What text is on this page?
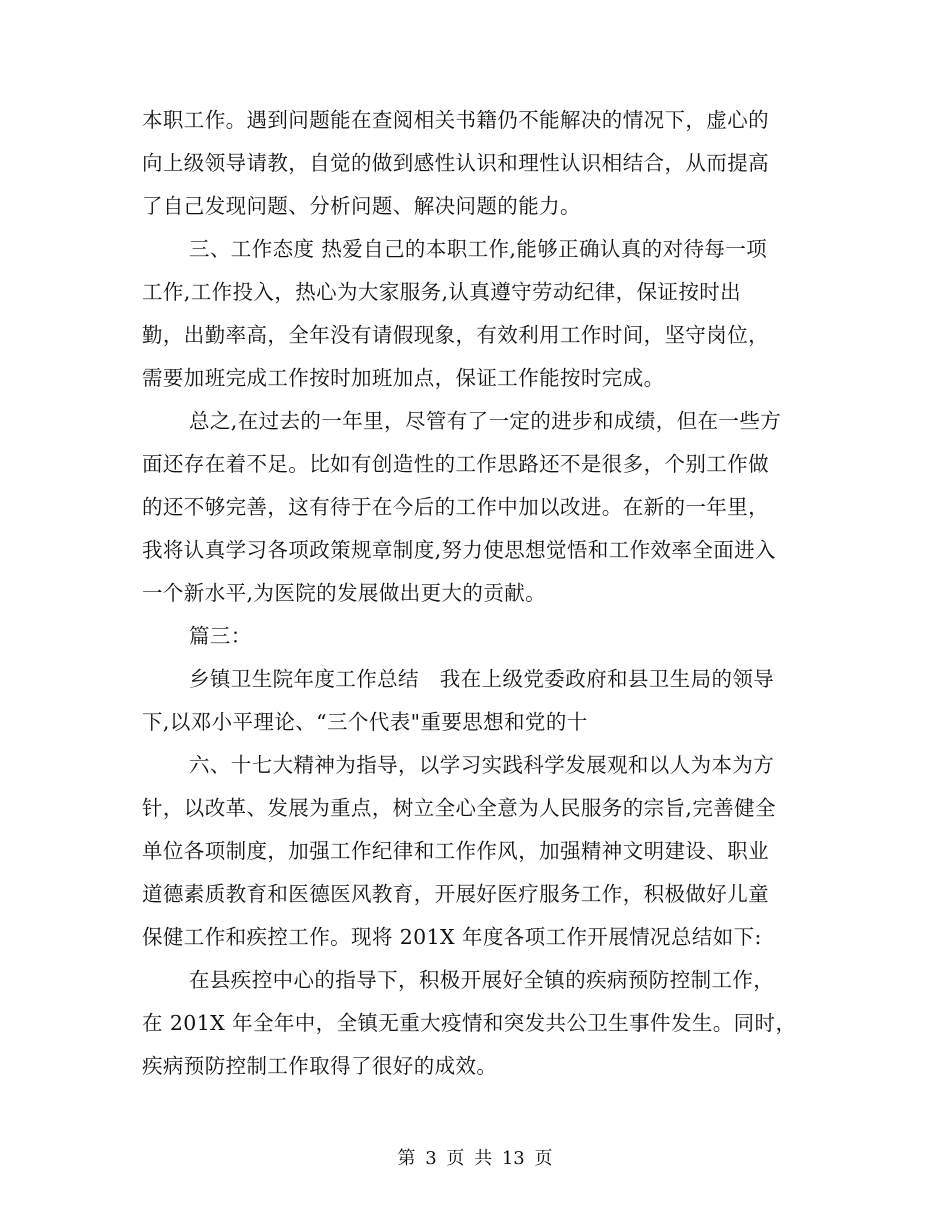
本职工作。遇到问题能在查阅相关书籍仍不能解决的情况下，虚心的
向上级领导请教，自觉的做到感性认识和理性认识相结合，从而提高
了自己发现问题、分析问题、解决问题的能力。
三、工作态度 热爱自己的本职工作,能够正确认真的对待每一项
工作,工作投入，热心为大家服务,认真遵守劳动纪律，保证按时出
勤，出勤率高，全年没有请假现象，有效利用工作时间，坚守岗位，
需要加班完成工作按时加班加点，保证工作能按时完成。
总之,在过去的一年里，尽管有了一定的进步和成绩，但在一些方
面还存在着不足。比如有创造性的工作思路还不是很多，个别工作做
的还不够完善，这有待于在今后的工作中加以改进。在新的一年里，
我将认真学习各项政策规章制度,努力使思想觉悟和工作效率全面进入
一个新水平,为医院的发展做出更大的贡献。
篇三：
乡镇卫生院年度工作总结　我在上级党委政府和县卫生局的领导
下,以邓小平理论、“三个代表"重要思想和党的十
六、十七大精神为指导，以学习实践科学发展观和以人为本为方
针，以改革、发展为重点，树立全心全意为人民服务的宗旨,完善健全
单位各项制度，加强工作纪律和工作作风，加强精神文明建设、职业
道德素质教育和医德医风教育，开展好医疗服务工作，积极做好儿童
保健工作和疾控工作。现将 201X 年度各项工作开展情况总结如下:
在县疾控中心的指导下，积极开展好全镇的疾病预防控制工作，
在 201X 年全年中，全镇无重大疫情和突发共公卫生事件发生。同时，
疾病预防控制工作取得了很好的成效。
第 3 页 共 13 页
